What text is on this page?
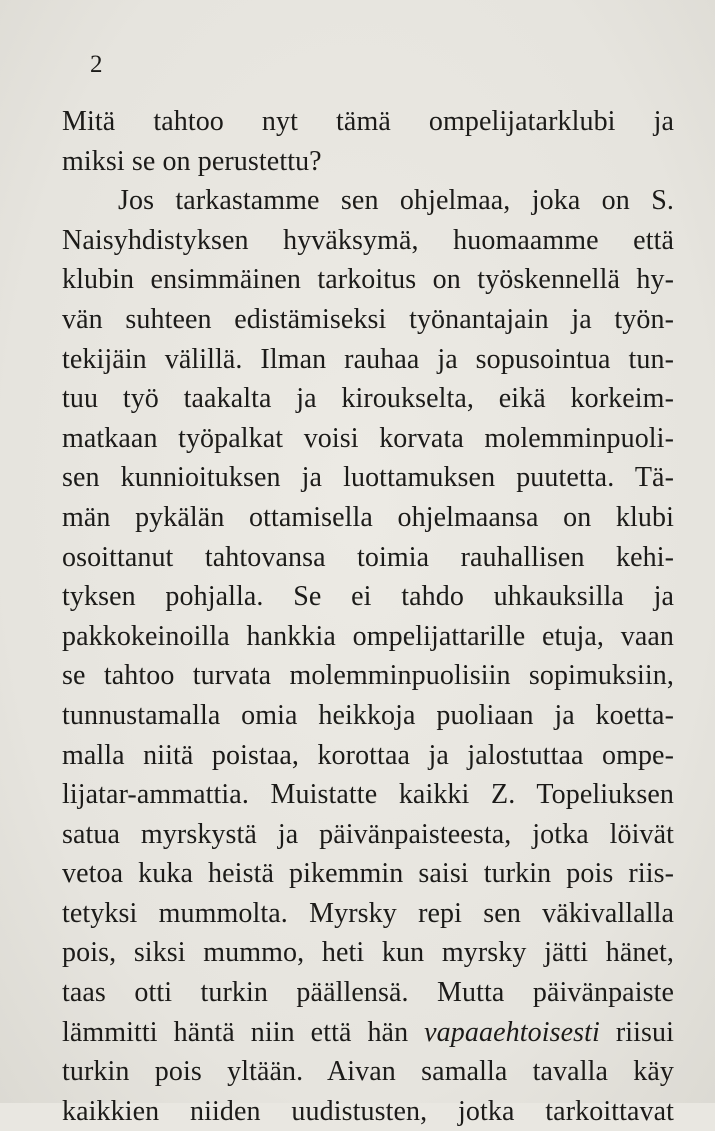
2
Mitä tahtoo nyt tämä ompelijatarklubi ja
miksi se on perustettu?
Jos tarkastamme sen ohjelmaa, joka on S.
Naisyhdistyksen hyväksymä, huomaamme että
klubin ensimmäinen tarkoitus on työskennellä hy-
vän suhteen edistämiseksi työnantajain ja työn-
tekijäin välillä. Ilman rauhaa ja sopusointua tun-
tuu työ taakalta ja kiroukselta, eikä korkeim-
matkaan työpalkat voisi korvata molemminpuoli-
sen kunnioituksen ja luottamuksen puutetta. Tä-
män pykälän ottamisella ohjelmaansa on klubi
osoittanut tahtovansa toimia rauhallisen kehi-
tyksen pohjalla. Se ei tahdo uhkauksilla ja
pakkokeinoilla hankkia ompelijattarille etuja, vaan
se tahtoo turvata molemminpuolisiin sopimuksiin,
tunnustamalla omia heikkoja puoliaan ja koetta-
malla niitä poistaa, korottaa ja jalostuttaa ompe-
lijatar-ammattia. Muistatte kaikki Z. Topeliuksen
satua myrskystä ja päivänpaisteesta, jotka löivät
vetoa kuka heistä pikemmin saisi turkin pois riis-
tetyksi mummolta. Myrsky repi sen väkivallalla
pois, siksi mummo, heti kun myrsky jätti hänet,
taas otti turkin päällensä. Mutta päivänpaiste
lämmitti häntä niin että hän vapaaehtoisesti riisui
turkin pois yltään. Aivan samalla tavalla käy
kaikkien niiden uudistusten, jotka tarkoittavat
